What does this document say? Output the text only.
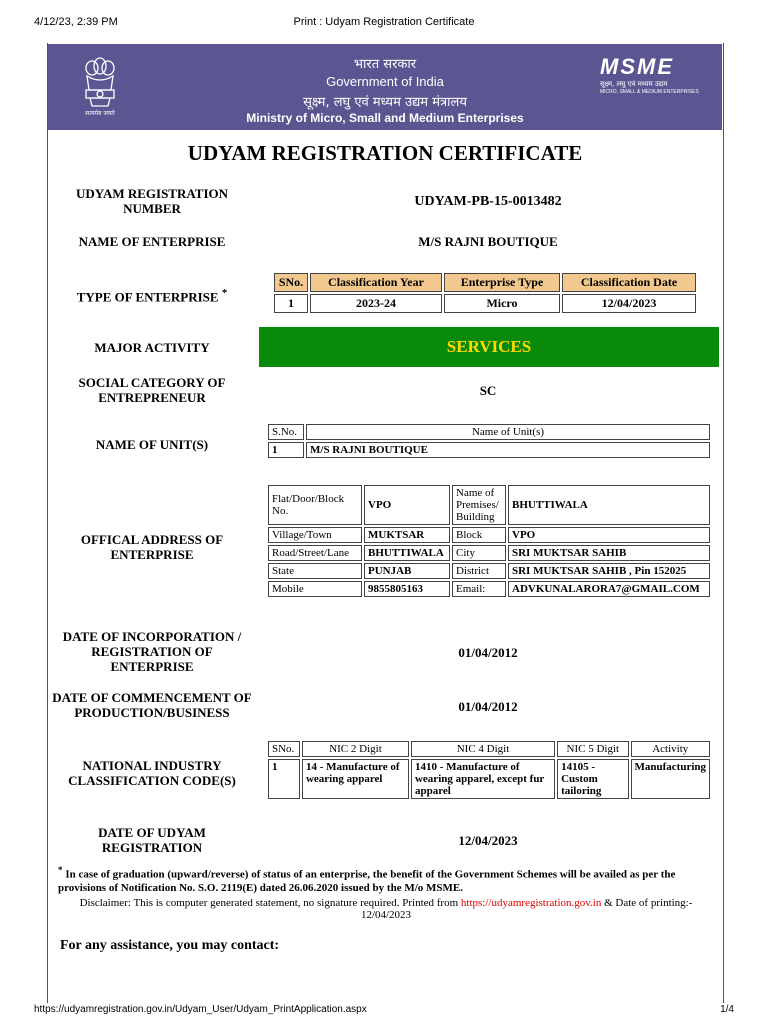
4/12/23, 2:39 PM	Print : Udyam Registration Certificate
सत्यमेव जयते
भारत सरकार
Government of India
सूक्ष्म, लघु एवं मध्यम उद्यम मंत्रालय
Ministry of Micro, Small and Medium Enterprises
MSME
सूक्ष्म, लघु एवं मध्यम उद्यम
MICRO, SMALL & MEDIUM ENTERPRISES
UDYAM REGISTRATION CERTIFICATE
UDYAM REGISTRATION NUMBER	UDYAM-PB-15-0013482
NAME OF ENTERPRISE	M/S RAJNI BOUTIQUE
TYPE OF ENTERPRISE *
SNo.	Classification Year	Enterprise Type	Classification Date
1	2023-24	Micro	12/04/2023
MAJOR ACTIVITY	SERVICES
SOCIAL CATEGORY OF ENTREPRENEUR	SC
NAME OF UNIT(S)
S.No.	Name of Unit(s)
1	M/S RAJNI BOUTIQUE
OFFICAL ADDRESS OF ENTERPRISE
Flat/Door/Block No.	VPO	Name of Premises/ Building	BHUTTIWALA
Village/Town	MUKTSAR	Block	VPO
Road/Street/Lane	BHUTTIWALA	City	SRI MUKTSAR SAHIB
State	PUNJAB	District	SRI MUKTSAR SAHIB , Pin 152025
Mobile	9855805163	Email:	ADVKUNALARORA7@GMAIL.COM
DATE OF INCORPORATION / REGISTRATION OF ENTERPRISE
01/04/2012
DATE OF COMMENCEMENT OF PRODUCTION/BUSINESS	01/04/2012
NATIONAL INDUSTRY CLASSIFICATION CODE(S)
SNo.	NIC 2 Digit	NIC 4 Digit	NIC 5 Digit	Activity
1	14 - Manufacture of wearing apparel	1410 - Manufacture of wearing apparel, except fur apparel	14105 - Custom tailoring	Manufacturing
DATE OF UDYAM REGISTRATION	12/04/2023
* In case of graduation (upward/reverse) of status of an enterprise, the benefit of the Government Schemes will be availed as per the provisions of Notification No. S.O. 2119(E) dated 26.06.2020 issued by the M/o MSME.
Disclaimer: This is computer generated statement, no signature required. Printed from https://udyamregistration.gov.in & Date of printing:- 12/04/2023
For any assistance, you may contact:
https://udyamregistration.gov.in/Udyam_User/Udyam_PrintApplication.aspx	1/4
